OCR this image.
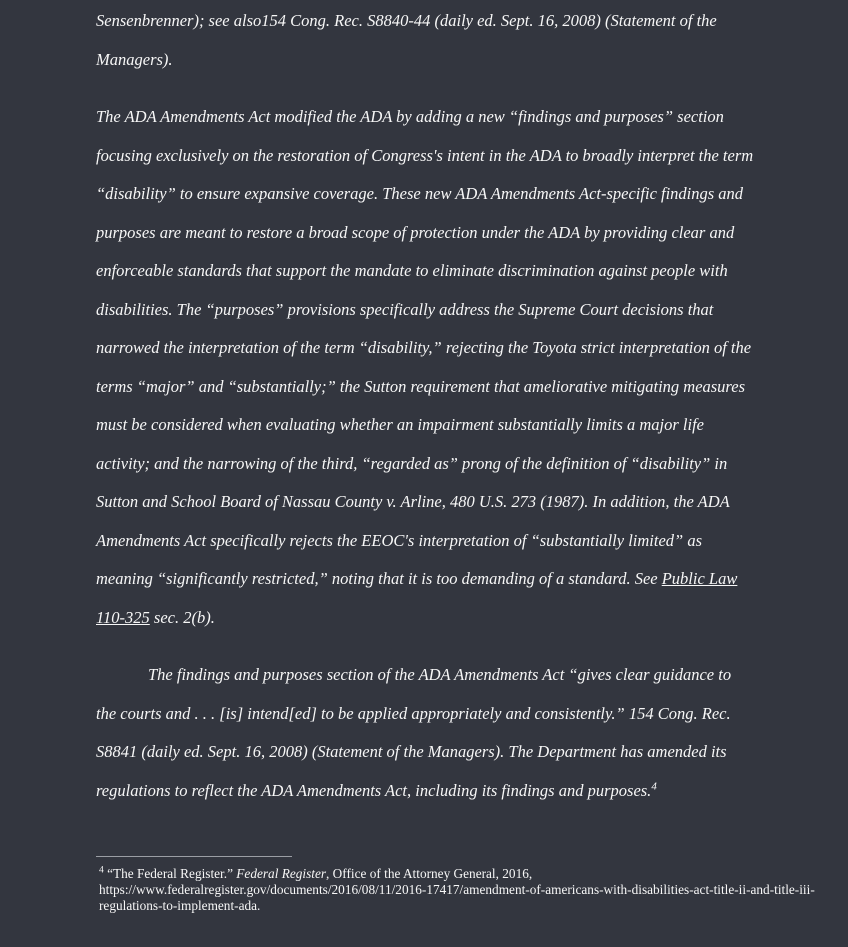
Sensenbrenner); see also154 Cong. Rec. S8840-44 (daily ed. Sept. 16, 2008) (Statement of the Managers).

The ADA Amendments Act modified the ADA by adding a new “findings and purposes” section focusing exclusively on the restoration of Congress's intent in the ADA to broadly interpret the term “disability” to ensure expansive coverage. These new ADA Amendments Act-specific findings and purposes are meant to restore a broad scope of protection under the ADA by providing clear and enforceable standards that support the mandate to eliminate discrimination against people with disabilities. The “purposes” provisions specifically address the Supreme Court decisions that narrowed the interpretation of the term “disability,” rejecting the Toyota strict interpretation of the terms “major” and “substantially;” the Sutton requirement that ameliorative mitigating measures must be considered when evaluating whether an impairment substantially limits a major life activity; and the narrowing of the third, “regarded as” prong of the definition of “disability” in Sutton and School Board of Nassau County v. Arline, 480 U.S. 273 (1987). In addition, the ADA Amendments Act specifically rejects the EEOC's interpretation of “substantially limited” as meaning “significantly restricted,” noting that it is too demanding of a standard. See Public Law 110-325 sec. 2(b).

The findings and purposes section of the ADA Amendments Act “gives clear guidance to the courts and . . . [is] intend[ed] to be applied appropriately and consistently.” 154 Cong. Rec. S8841 (daily ed. Sept. 16, 2008) (Statement of the Managers). The Department has amended its regulations to reflect the ADA Amendments Act, including its findings and purposes.$^4$

$^4$ “The Federal Register.” Federal Register, Office of the Attorney General, 2016, https://www.federalregister.gov/documents/2016/08/11/2016-17417/amendment-of-americans-with-disabilities-act-title-ii-and-title-iii-regulations-to-implement-ada.
